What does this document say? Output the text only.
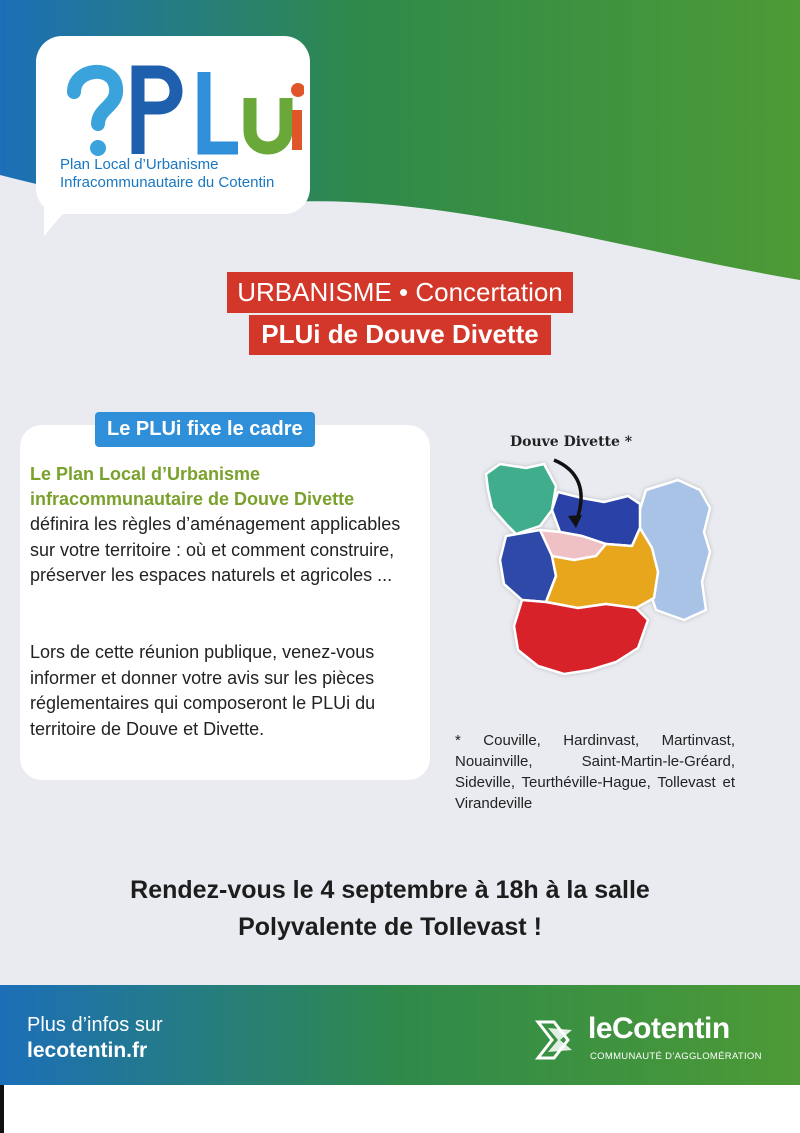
Plan Local d’Urbanisme
Infracommunautaire du Cotentin
URBANISME • Concertation
PLUi de Douve Divette
Le PLUi fixe le cadre
Le Plan Local d’Urbanisme infracommunautaire de Douve Divette
définira les règles d’aménagement applicables sur votre territoire : où et comment construire, préserver les espaces naturels et agricoles ...
Lors de cette réunion publique, venez-vous informer et donner votre avis sur les pièces réglementaires qui composeront le PLUi du territoire de Douve et Divette.
Douve Divette *
* Couville, Hardinvast, Martinvast, Nouainville, Saint-Martin-le-Gréard, Sideville, Teurthéville-Hague, Tollevast et Virandeville
Rendez-vous le 4 septembre à 18h à la salle
Polyvalente de Tollevast !
Plus d’infos sur
lecotentin.fr
leCotentin
COMMUNAUTÉ D’AGGLOMÉRATION
